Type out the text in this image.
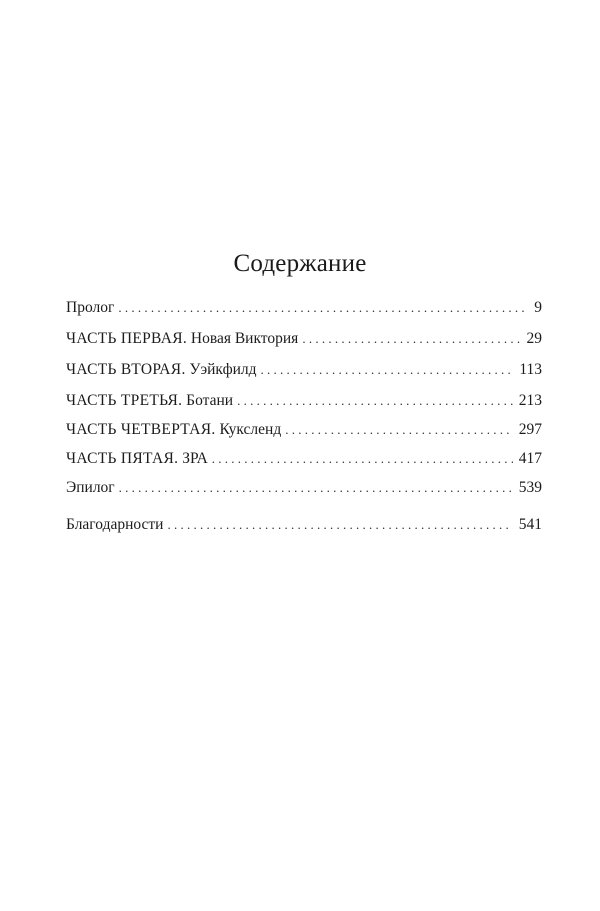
Содержание
Пролог . . .	9
ЧАСТЬ ПЕРВАЯ. Новая Виктория . . .	29
ЧАСТЬ ВТОРАЯ. Уэйкфилд . . .	113
ЧАСТЬ ТРЕТЬЯ. Ботани . . .	213
ЧАСТЬ ЧЕТВЕРТАЯ. Куксленд . . .	297
ЧАСТЬ ПЯТАЯ. ЗРА . . .	417
Эпилог . . .	539
Благодарности . . .	541
